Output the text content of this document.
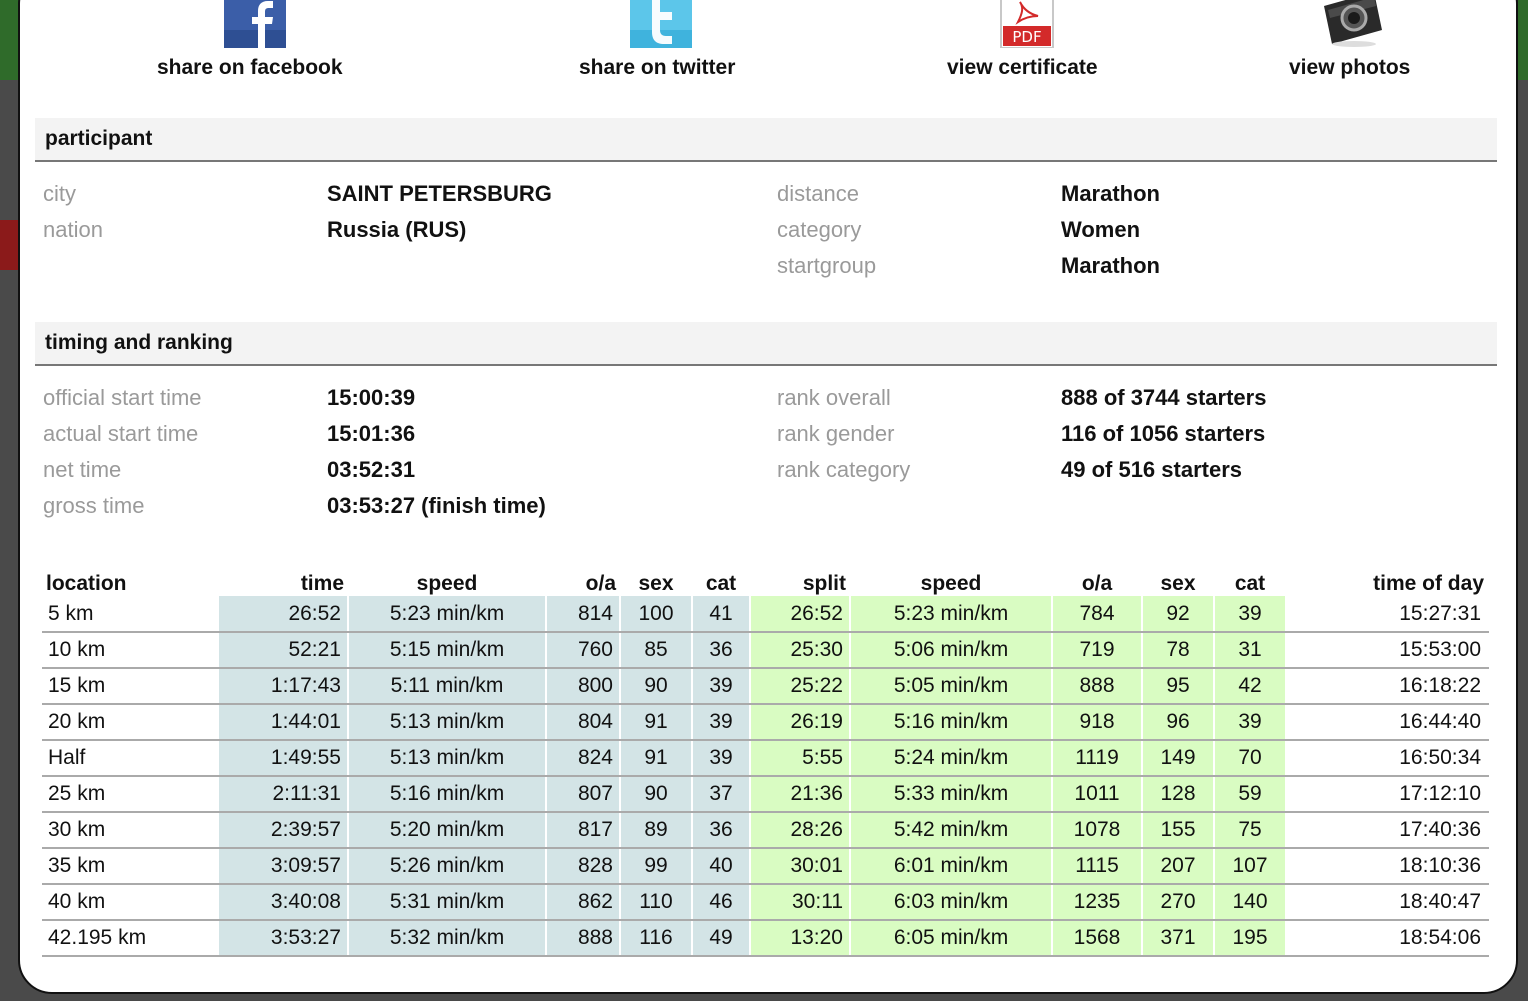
share on facebook	share on twitter
PDF
view certificate	view photos
participant
city	SAINT PETERSBURG
nation	Russia (RUS)
distance	Marathon
category	Women
startgroup	Marathon
timing and ranking
official start time	15:00:39
actual start time	15:01:36
net time	03:52:31
gross time	03:53:27 (finish time)
rank overall	888 of 3744 starters
rank gender	116 of 1056 starters
rank category	49 of 516 starters
location	time	speed	o/a	sex	cat	split	speed	o/a	sex	cat	time of day
5 km	26:52	5:23 min/km	814	100	41	26:52	5:23 min/km	784	92	39	15:27:31
10 km	52:21	5:15 min/km	760	85	36	25:30	5:06 min/km	719	78	31	15:53:00
15 km	1:17:43	5:11 min/km	800	90	39	25:22	5:05 min/km	888	95	42	16:18:22
20 km	1:44:01	5:13 min/km	804	91	39	26:19	5:16 min/km	918	96	39	16:44:40
Half	1:49:55	5:13 min/km	824	91	39	5:55	5:24 min/km	1119	149	70	16:50:34
25 km	2:11:31	5:16 min/km	807	90	37	21:36	5:33 min/km	1011	128	59	17:12:10
30 km	2:39:57	5:20 min/km	817	89	36	28:26	5:42 min/km	1078	155	75	17:40:36
35 km	3:09:57	5:26 min/km	828	99	40	30:01	6:01 min/km	1115	207	107	18:10:36
40 km	3:40:08	5:31 min/km	862	110	46	30:11	6:03 min/km	1235	270	140	18:40:47
42.195 km	3:53:27	5:32 min/km	888	116	49	13:20	6:05 min/km	1568	371	195	18:54:06
